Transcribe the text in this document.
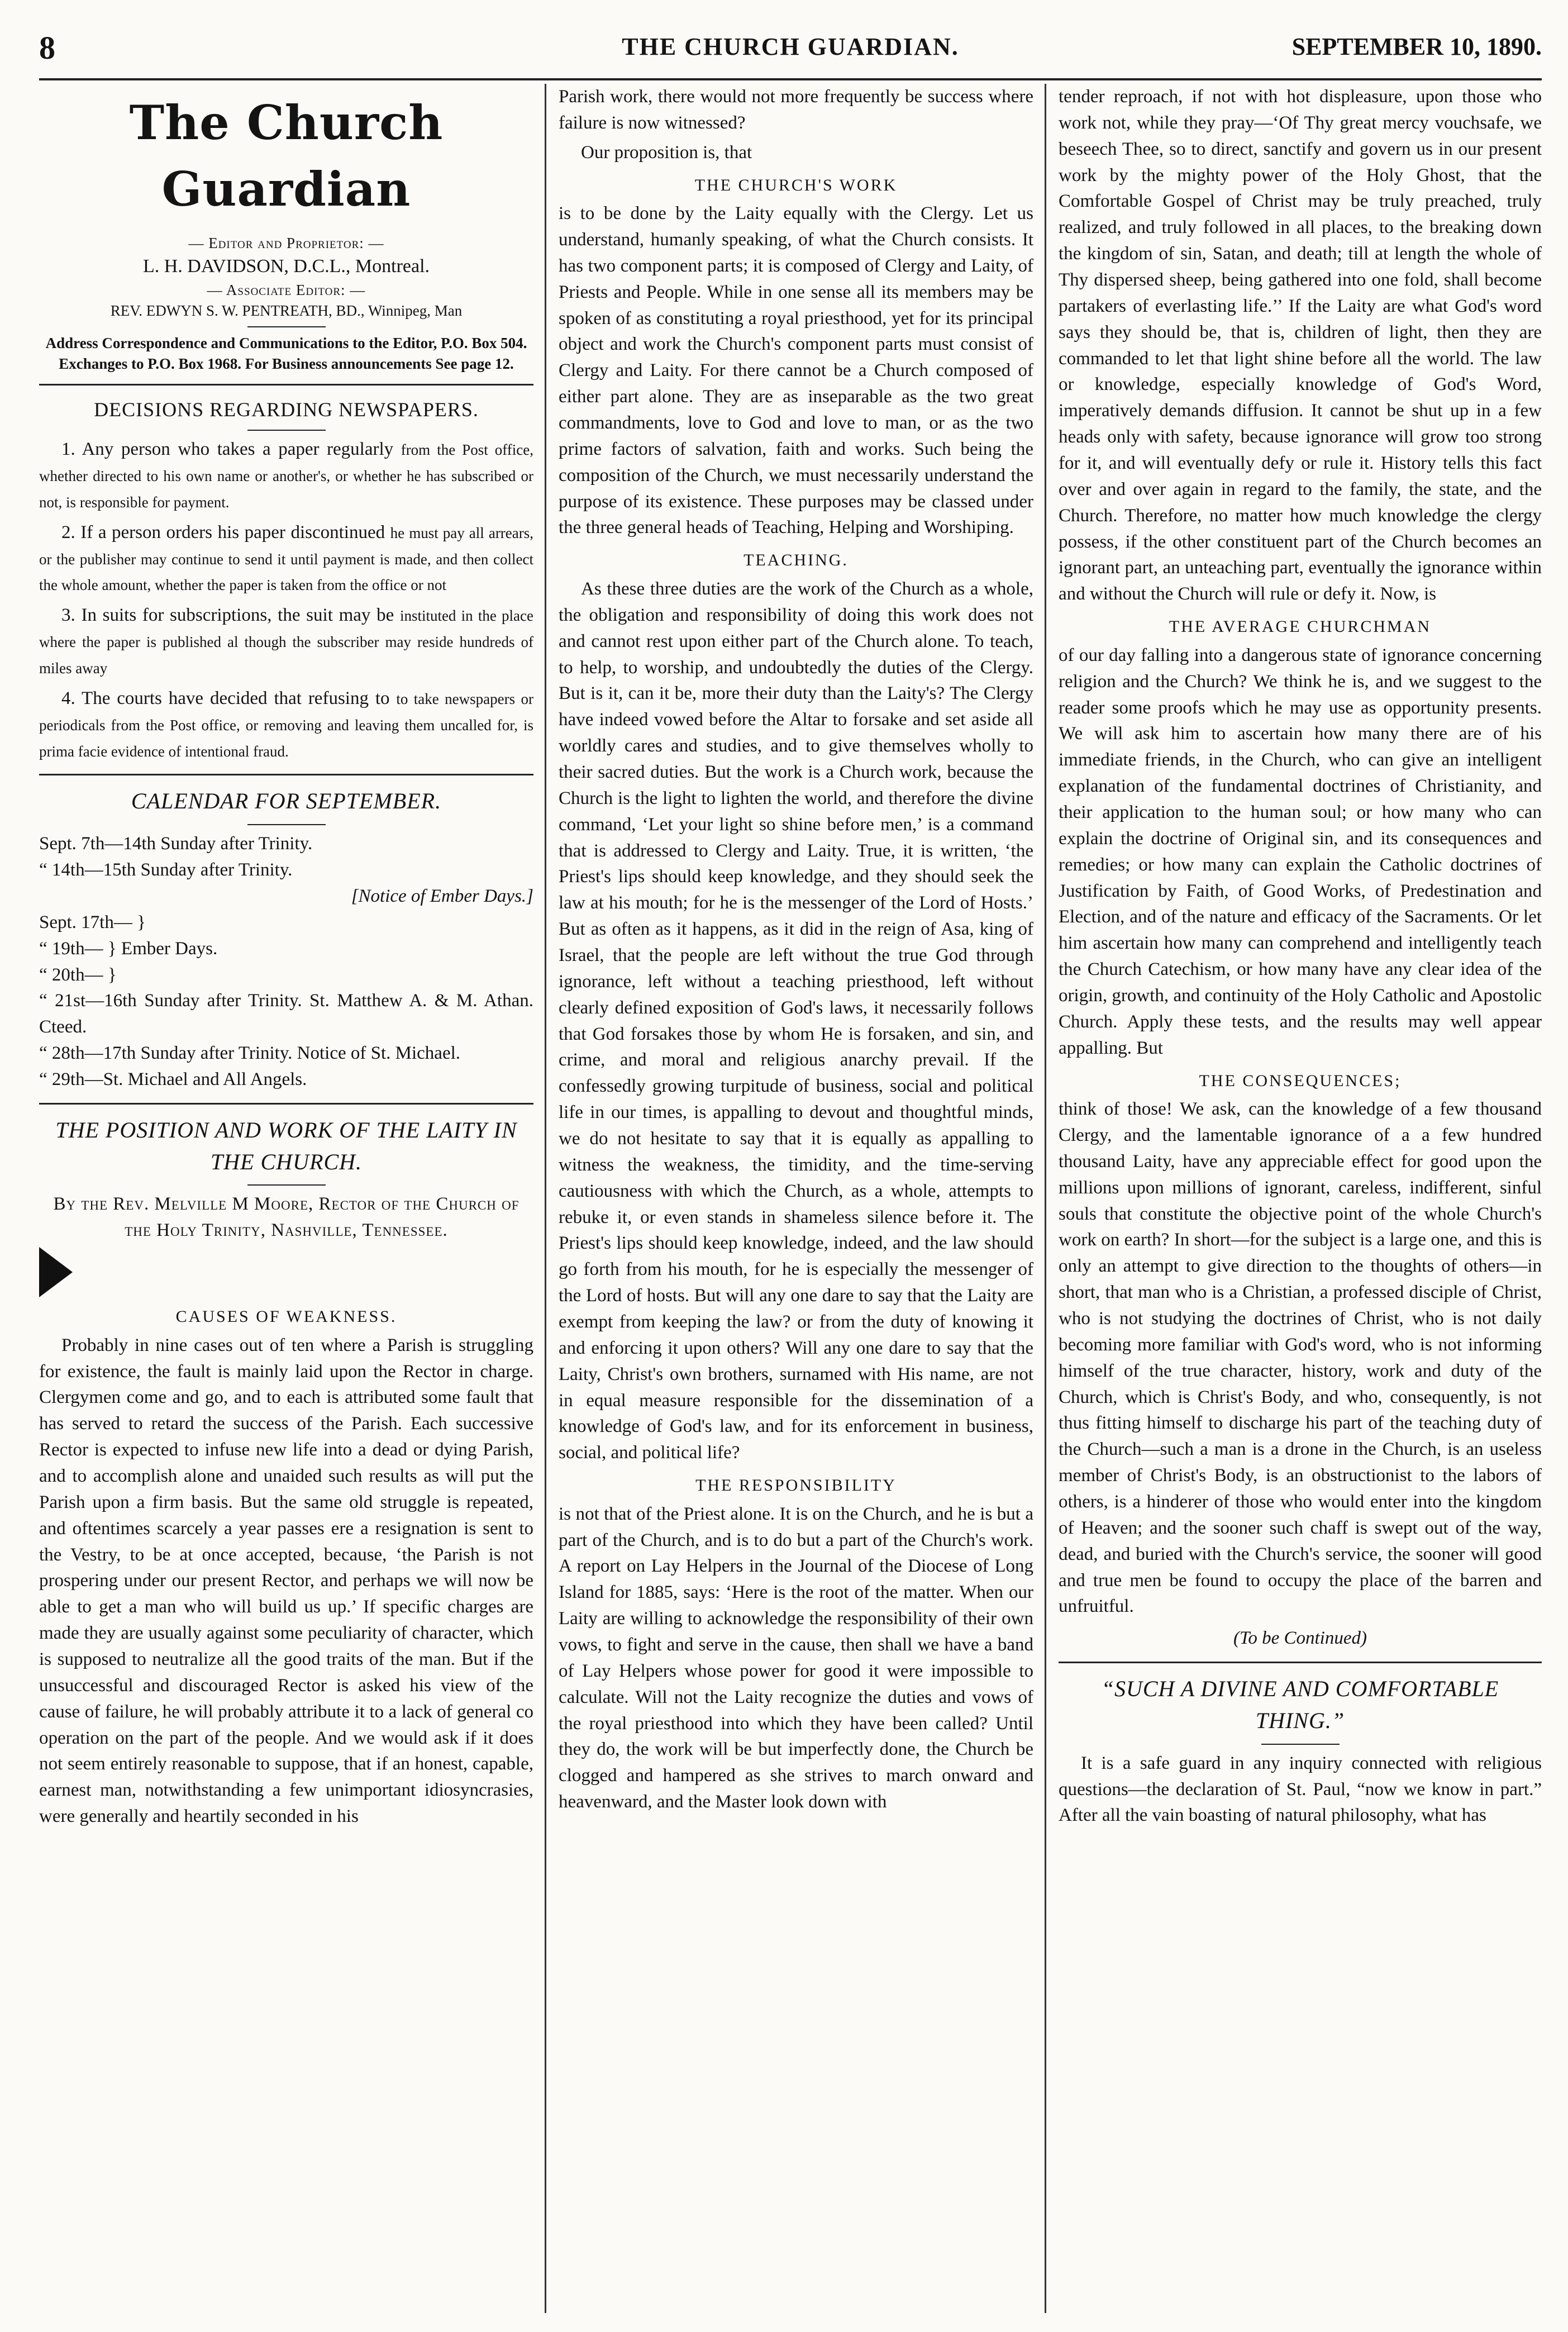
8	THE CHURCH GUARDIAN.	SEPTEMBER 10, 1890.
The Church Guardian
— Editor and Proprietor: —
L. H. DAVIDSON, D.C.L., Montreal.
— Associate Editor: —
REV. EDWYN S. W. PENTREATH, BD., Winnipeg, Man
Address Correspondence and Communications to the Editor, P.O. Box 504. Exchanges to P.O. Box 1968. For Business announcements See page 12.
DECISIONS REGARDING NEWSPAPERS.
1. Any person who takes a paper regularly from the Post office, whether directed to his own name or another's, or whether he has subscribed or not, is responsible for payment.
2. If a person orders his paper discontinued he must pay all arrears, or the publisher may continue to send it until payment is made, and then collect the whole amount, whether the paper is taken from the office or not
3. In suits for subscriptions, the suit may be instituted in the place where the paper is published al though the subscriber may reside hundreds of miles away
4. The courts have decided that refusing to to take newspapers or periodicals from the Post office, or removing and leaving them uncalled for, is prima facie evidence of intentional fraud.
CALENDAR FOR SEPTEMBER.

Sept. 7th—14th Sunday after Trinity.

“ 14th—15th Sunday after Trinity.

[Notice of Ember Days.]

Sept. 17th— }

“ 19th— } Ember Days.

“ 20th— }

“ 21st—16th Sunday after Trinity. St. Matthew A. & M. Athan. Cteed.

“ 28th—17th Sunday after Trinity. Notice of St. Michael.

“ 29th—St. Michael and All Angels.

THE POSITION AND WORK OF THE LAITY IN THE CHURCH.

By the Rev. Melville M Moore, Rector of the Church of the Holy Trinity, Nashville, Tennessee.

CAUSES OF WEAKNESS.

Probably in nine cases out of ten where a Parish is struggling for existence, the fault is mainly laid upon the Rector in charge. Clergymen come and go, and to each is attributed some fault that has served to retard the success of the Parish. Each successive Rector is expected to infuse new life into a dead or dying Parish, and to accomplish alone and unaided such results as will put the Parish upon a firm basis. But the same old struggle is repeated, and oftentimes scarcely a year passes ere a resignation is sent to the Vestry, to be at once accepted, because, ‘the Parish is not prospering under our present Rector, and perhaps we will now be able to get a man who will build us up.’ If specific charges are made they are usually against some peculiarity of character, which is supposed to neutralize all the good traits of the man. But if the unsuccessful and discouraged Rector is asked his view of the cause of failure, he will probably attribute it to a lack of general co operation on the part of the people. And we would ask if it does not seem entirely reasonable to suppose, that if an honest, capable, earnest man, notwithstanding a few unimportant idiosyncrasies, were generally and heartily seconded in his

Parish work, there would not more frequently be success where failure is now witnessed?

Our proposition is, that

THE CHURCH'S WORK

is to be done by the Laity equally with the Clergy. Let us understand, humanly speaking, of what the Church consists. It has two component parts; it is composed of Clergy and Laity, of Priests and People. While in one sense all its members may be spoken of as constituting a royal priesthood, yet for its principal object and work the Church's component parts must consist of Clergy and Laity. For there cannot be a Church composed of either part alone. They are as inseparable as the two great commandments, love to God and love to man, or as the two prime factors of salvation, faith and works. Such being the composition of the Church, we must necessarily understand the purpose of its existence. These purposes may be classed under the three general heads of Teaching, Helping and Worshiping.

TEACHING.

As these three duties are the work of the Church as a whole, the obligation and responsibility of doing this work does not and cannot rest upon either part of the Church alone. To teach, to help, to worship, and undoubtedly the duties of the Clergy. But is it, can it be, more their duty than the Laity's? The Clergy have indeed vowed before the Altar to forsake and set aside all worldly cares and studies, and to give themselves wholly to their sacred duties. But the work is a Church work, because the Church is the light to lighten the world, and therefore the divine command, ‘Let your light so shine before men,’ is a command that is addressed to Clergy and Laity. True, it is written, ‘the Priest's lips should keep knowledge, and they should seek the law at his mouth; for he is the messenger of the Lord of Hosts.’ But as often as it happens, as it did in the reign of Asa, king of Israel, that the people are left without the true God through ignorance, left without a teaching priesthood, left without clearly defined exposition of God's laws, it necessarily follows that God forsakes those by whom He is forsaken, and sin, and crime, and moral and religious anarchy prevail. If the confessedly growing turpitude of business, social and political life in our times, is appalling to devout and thoughtful minds, we do not hesitate to say that it is equally as appalling to witness the weakness, the timidity, and the time-serving cautiousness with which the Church, as a whole, attempts to rebuke it, or even stands in shameless silence before it. The Priest's lips should keep knowledge, indeed, and the law should go forth from his mouth, for he is especially the messenger of the Lord of hosts. But will any one dare to say that the Laity are exempt from keeping the law? or from the duty of knowing it and enforcing it upon others? Will any one dare to say that the Laity, Christ's own brothers, surnamed with His name, are not in equal measure responsible for the dissemination of a knowledge of God's law, and for its enforcement in business, social, and political life?

THE RESPONSIBILITY

is not that of the Priest alone. It is on the Church, and he is but a part of the Church, and is to do but a part of the Church's work. A report on Lay Helpers in the Journal of the Diocese of Long Island for 1885, says: ‘Here is the root of the matter. When our Laity are willing to acknowledge the responsibility of their own vows, to fight and serve in the cause, then shall we have a band of Lay Helpers whose power for good it were impossible to calculate. Will not the Laity recognize the duties and vows of the royal priesthood into which they have been called? Until they do, the work will be but imperfectly done, the Church be clogged and hampered as she strives to march onward and heavenward, and the Master look down with

tender reproach, if not with hot displeasure, upon those who work not, while they pray—‘Of Thy great mercy vouchsafe, we beseech Thee, so to direct, sanctify and govern us in our present work by the mighty power of the Holy Ghost, that the Comfortable Gospel of Christ may be truly preached, truly realized, and truly followed in all places, to the breaking down the kingdom of sin, Satan, and death; till at length the whole of Thy dispersed sheep, being gathered into one fold, shall become partakers of everlasting life.’’ If the Laity are what God's word says they should be, that is, children of light, then they are commanded to let that light shine before all the world. The law or knowledge, especially knowledge of God's Word, imperatively demands diffusion. It cannot be shut up in a few heads only with safety, because ignorance will grow too strong for it, and will eventually defy or rule it. History tells this fact over and over again in regard to the family, the state, and the Church. Therefore, no matter how much knowledge the clergy possess, if the other constituent part of the Church becomes an ignorant part, an unteaching part, eventually the ignorance within and without the Church will rule or defy it. Now, is

THE AVERAGE CHURCHMAN

of our day falling into a dangerous state of ignorance concerning religion and the Church? We think he is, and we suggest to the reader some proofs which he may use as opportunity presents. We will ask him to ascertain how many there are of his immediate friends, in the Church, who can give an intelligent explanation of the fundamental doctrines of Christianity, and their application to the human soul; or how many who can explain the doctrine of Original sin, and its consequences and remedies; or how many can explain the Catholic doctrines of Justification by Faith, of Good Works, of Predestination and Election, and of the nature and efficacy of the Sacraments. Or let him ascertain how many can comprehend and intelligently teach the Church Catechism, or how many have any clear idea of the origin, growth, and continuity of the Holy Catholic and Apostolic Church. Apply these tests, and the results may well appear appalling. But

THE CONSEQUENCES;

think of those! We ask, can the knowledge of a few thousand Clergy, and the lamentable ignorance of a a few hundred thousand Laity, have any appreciable effect for good upon the millions upon millions of ignorant, careless, indifferent, sinful souls that constitute the objective point of the whole Church's work on earth? In short—for the subject is a large one, and this is only an attempt to give direction to the thoughts of others—in short, that man who is a Christian, a professed disciple of Christ, who is not studying the doctrines of Christ, who is not daily becoming more familiar with God's word, who is not informing himself of the true character, history, work and duty of the Church, which is Christ's Body, and who, consequently, is not thus fitting himself to discharge his part of the teaching duty of the Church—such a man is a drone in the Church, is an useless member of Christ's Body, is an obstructionist to the labors of others, is a hinderer of those who would enter into the kingdom of Heaven; and the sooner such chaff is swept out of the way, dead, and buried with the Church's service, the sooner will good and true men be found to occupy the place of the barren and unfruitful.

(To be Continued)

“SUCH A DIVINE AND COMFORTABLE THING.”

It is a safe guard in any inquiry connected with religious questions—the declaration of St. Paul, “now we know in part.” After all the vain boasting of natural philosophy, what has
